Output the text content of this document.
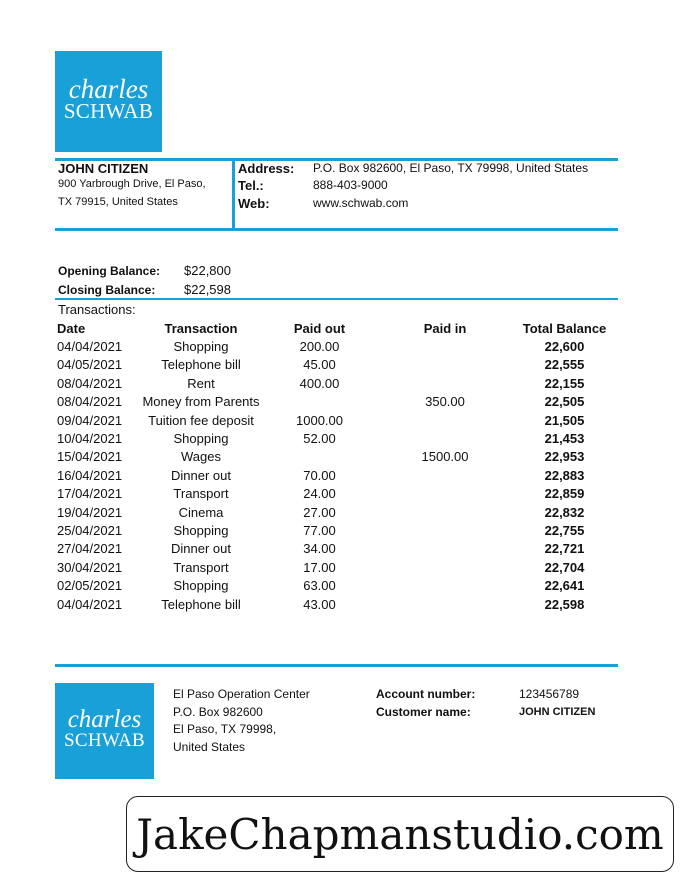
charles
SCHWAB
JOHN CITIZEN
900 Yarbrough Drive, El Paso,
TX 79915, United States
Address: P.O. Box 982600, El Paso, TX 79998, United States
Tel.:	888-403-9000
Web:	www.schwab.com
Opening Balance: $22,800
Closing Balance: $22,598
Transactions:
Date	Transaction	Paid out	Paid in	Total Balance
04/04/2021	Shopping	200.00		22,600
04/05/2021	Telephone bill	45.00		22,555
08/04/2021	Rent	400.00		22,155
08/04/2021	Money from Parents		350.00	22,505
09/04/2021	Tuition fee deposit	1000.00		21,505
10/04/2021	Shopping	52.00		21,453
15/04/2021	Wages		1500.00	22,953
16/04/2021	Dinner out	70.00		22,883
17/04/2021	Transport	24.00		22,859
19/04/2021	Cinema	27.00		22,832
25/04/2021	Shopping	77.00		22,755
27/04/2021	Dinner out	34.00		22,721
30/04/2021	Transport	17.00		22,704
02/05/2021	Shopping	63.00		22,641
04/04/2021	Telephone bill	43.00		22,598
charles
SCHWAB
El Paso Operation Center
P.O. Box 982600
El Paso, TX 79998,
United States
Account number:	123456789
Customer name:	JOHN CITIZEN
JakeChapmanstudio.com
